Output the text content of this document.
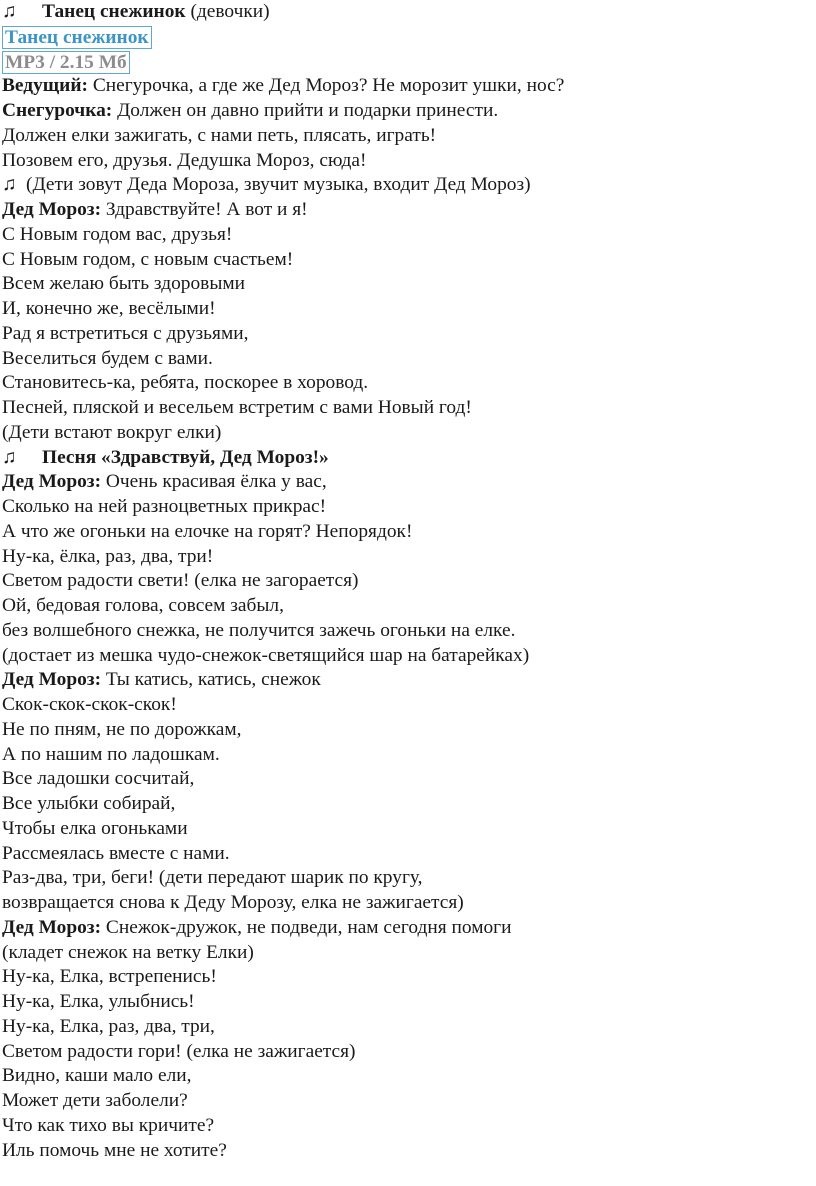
♫ Танец снежинок (девочки)
Танец снежинок
MP3 / 2.15 Мб
Ведущий: Снегурочка, а где же Дед Мороз? Не морозит ушки, нос?
Снегурочка: Должен он давно прийти и подарки принести.
Должен елки зажигать, с нами петь, плясать, играть!
Позовем его, друзья. Дедушка Мороз, сюда!
♫ (Дети зовут Деда Мороза, звучит музыка, входит Дед Мороз)
Дед Мороз: Здравствуйте! А вот и я!
С Новым годом вас, друзья!
С Новым годом, с новым счастьем!
Всем желаю быть здоровыми
И, конечно же, весёлыми!
Рад я встретиться с друзьями,
Веселиться будем с вами.
Становитесь-ка, ребята, поскорее в хоровод.
Песней, пляской и весельем встретим с вами Новый год!
(Дети встают вокруг елки)
♫ Песня «Здравствуй, Дед Мороз!»
Дед Мороз: Очень красивая ёлка у вас,
Сколько на ней разноцветных прикрас!
А что же огоньки на елочке на горят? Непорядок!
Ну-ка, ёлка, раз, два, три!
Светом радости свети! (елка не загорается)
Ой, бедовая голова, совсем забыл,
без волшебного снежка, не получится зажечь огоньки на елке.
(достает из мешка чудо-снежок-светящийся шар на батарейках)
Дед Мороз: Ты катись, катись, снежок
Скок-скок-скок-скок!
Не по пням, не по дорожкам,
А по нашим по ладошкам.
Все ладошки сосчитай,
Все улыбки собирай,
Чтобы елка огоньками
Рассмеялась вместе с нами.
Раз-два, три, беги! (дети передают шарик по кругу,
возвращается снова к Деду Морозу, елка не зажигается)
Дед Мороз: Снежок-дружок, не подведи, нам сегодня помоги
(кладет снежок на ветку Елки)
Ну-ка, Елка, встрепенись!
Ну-ка, Елка, улыбнись!
Ну-ка, Елка, раз, два, три,
Светом радости гори! (елка не зажигается)
Видно, каши мало ели,
Может дети заболели?
Что как тихо вы кричите?
Иль помочь мне не хотите?
